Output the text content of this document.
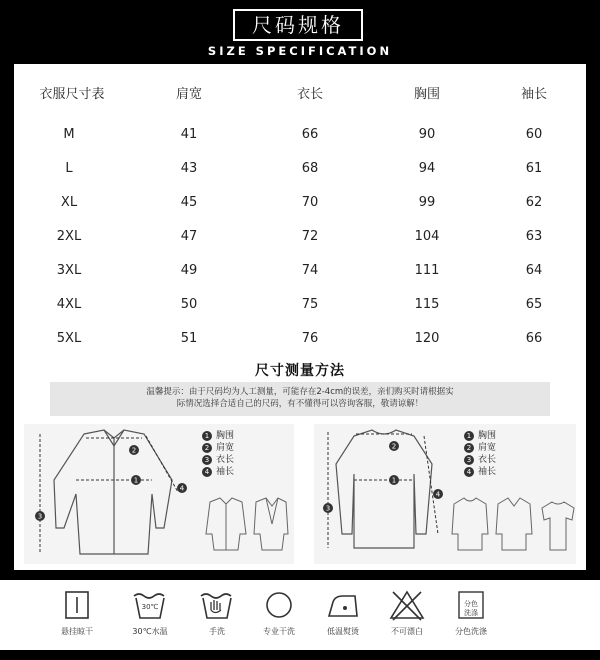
尺码规格
SIZE SPECIFICATION
衣服尺寸表	肩宽	衣长	胸围	袖长
M	41	66	90	60
L	43	68	94	61
XL	45	70	99	62
2XL	47	72	104	63
3XL	49	74	111	64
4XL	50	75	115	65
5XL	51	76	120	66
尺寸测量方法
温馨提示：由于尺码均为人工测量，可能存在2-4cm的误差，亲们购买时请根据实
际情况选择合适自己的尺码，有不懂得可以咨询客服，敬请谅解！
1
2
3
4
1 胸围
2 肩宽
3 衣长
4 袖长
1
2
3
4
1 胸围
2 肩宽
3 衣长
4 袖长
悬挂晾干
30℃
30℃水温	手洗	专业干洗	低温熨烫	不可漂白
分色
洗涤
分色洗涤
